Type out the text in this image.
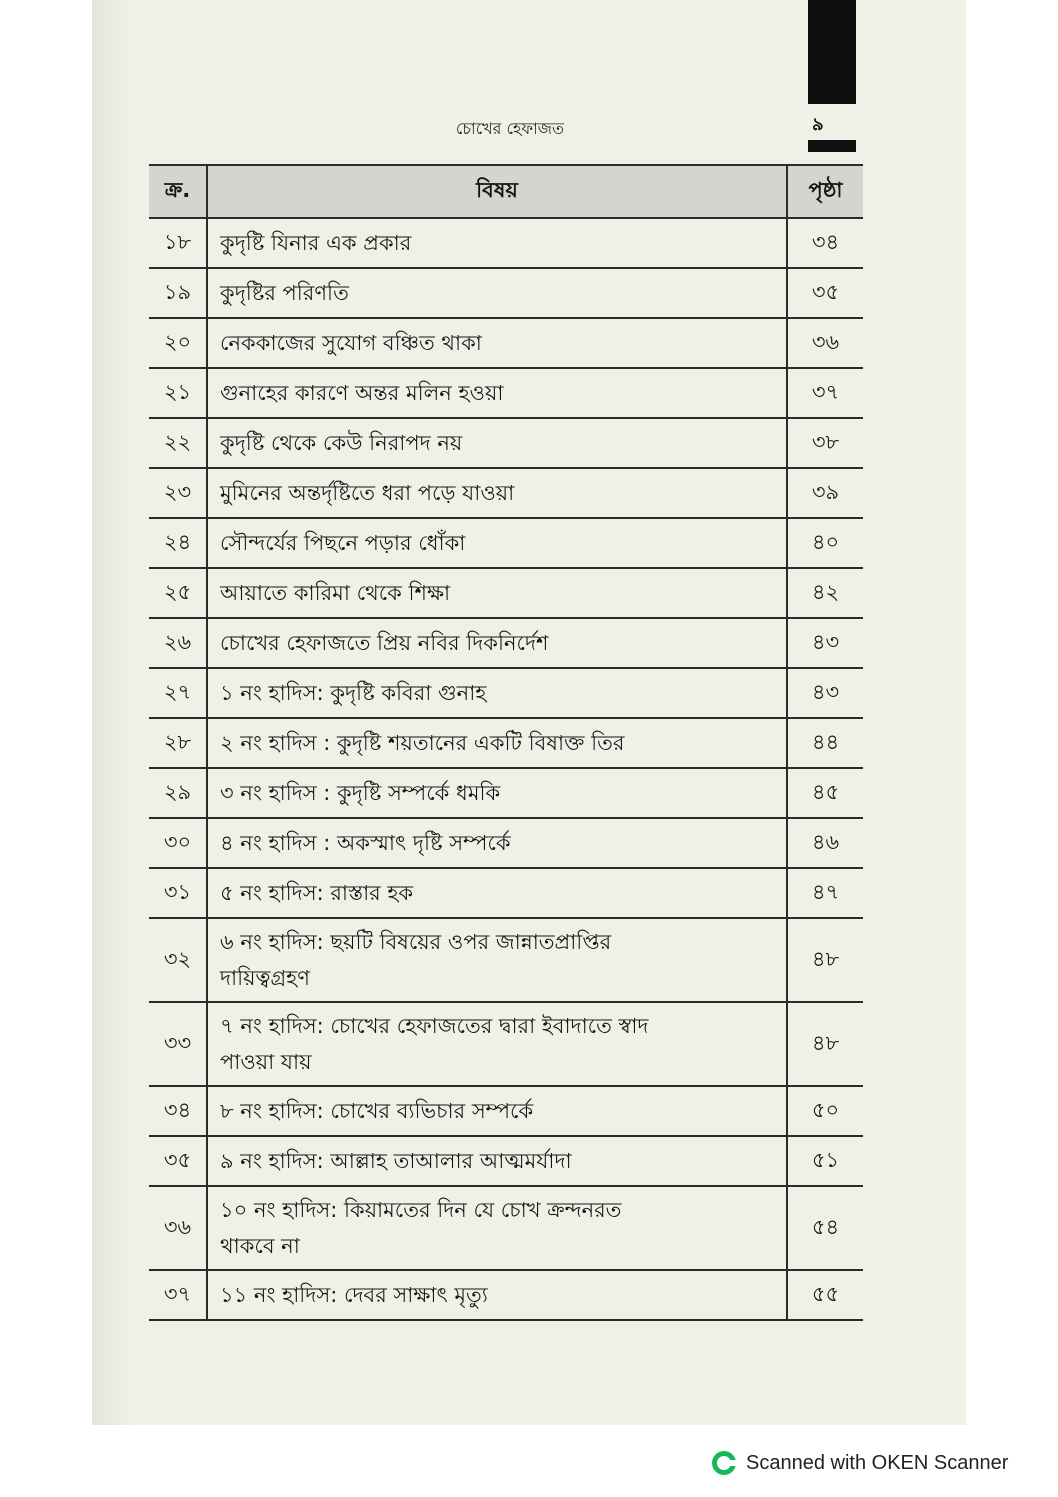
চোখের হেফাজত	৯
ক্র.	বিষয়	পৃষ্ঠা
১৮	কুদৃষ্টি যিনার এক প্রকার	৩৪
১৯	কুদৃষ্টির পরিণতি	৩৫
২০	নেককাজের সুযোগ বঞ্চিত থাকা	৩৬
২১	গুনাহের কারণে অন্তর মলিন হওয়া	৩৭
২২	কুদৃষ্টি থেকে কেউ নিরাপদ নয়	৩৮
২৩	মুমিনের অন্তর্দৃষ্টিতে ধরা পড়ে যাওয়া	৩৯
২৪	সৌন্দর্যের পিছনে পড়ার ধোঁকা	৪০
২৫	আয়াতে কারিমা থেকে শিক্ষা	৪২
২৬	চোখের হেফাজতে প্রিয় নবির দিকনির্দেশ	৪৩
২৭	১ নং হাদিস: কুদৃষ্টি কবিরা গুনাহ	৪৩
২৮	২ নং হাদিস : কুদৃষ্টি শয়তানের একটি বিষাক্ত তির	৪৪
২৯	৩ নং হাদিস : কুদৃষ্টি সম্পর্কে ধমকি	৪৫
৩০	৪ নং হাদিস : অকস্মাৎ দৃষ্টি সম্পর্কে	৪৬
৩১	৫ নং হাদিস: রাস্তার হক	৪৭
৩২	৬ নং হাদিস: ছয়টি বিষয়ের ওপর জান্নাতপ্রাপ্তির
দায়িত্বগ্রহণ	৪৮
৩৩	৭ নং হাদিস: চোখের হেফাজতের দ্বারা ইবাদাতে স্বাদ
পাওয়া যায়	৪৮
৩৪	৮ নং হাদিস: চোখের ব্যভিচার সম্পর্কে	৫০
৩৫	৯ নং হাদিস: আল্লাহ তাআলার আত্মমর্যাদা	৫১
৩৬	১০ নং হাদিস: কিয়ামতের দিন যে চোখ ক্রন্দনরত
থাকবে না	৫৪
৩৭	১১ নং হাদিস: দেবর সাক্ষাৎ মৃত্যু	৫৫
Scanned with OKEN Scanner
